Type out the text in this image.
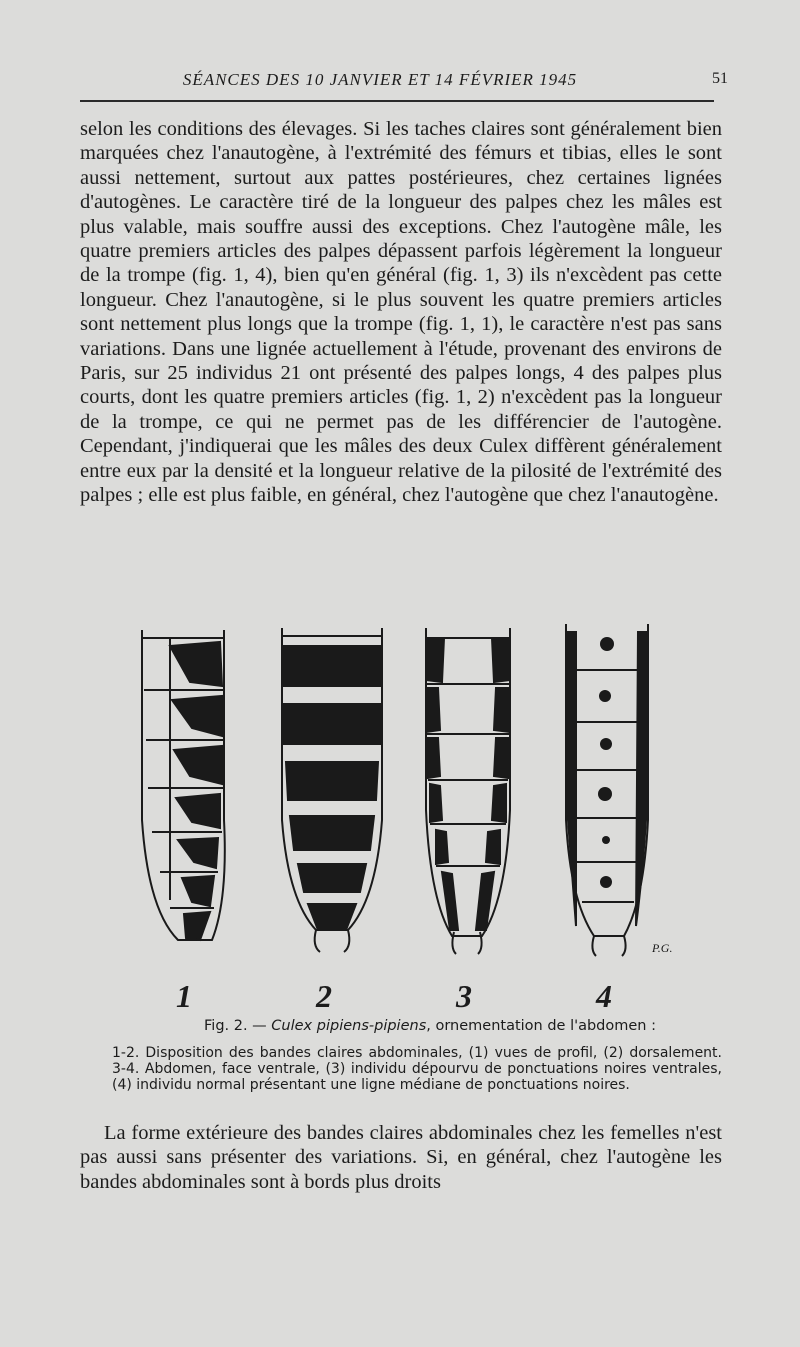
SÉANCES DES 10 JANVIER ET 14 FÉVRIER 1945	51

selon les conditions des élevages. Si les taches claires sont généralement bien marquées chez l'anautogène, à l'extrémité des fémurs et tibias, elles le sont aussi nettement, surtout aux pattes postérieures, chez certaines lignées d'autogènes. Le caractère tiré de la longueur des palpes chez les mâles est plus valable, mais souffre aussi des exceptions. Chez l'autogène mâle, les quatre premiers articles des palpes dépassent parfois légèrement la longueur de la trompe (fig. 1, 4), bien qu'en général (fig. 1, 3) ils n'excèdent pas cette longueur. Chez l'anautogène, si le plus souvent les quatre premiers articles sont nettement plus longs que la trompe (fig. 1, 1), le caractère n'est pas sans variations. Dans une lignée actuellement à l'étude, provenant des environs de Paris, sur 25 individus 21 ont présenté des palpes longs, 4 des palpes plus courts, dont les quatre premiers articles (fig. 1, 2) n'excèdent pas la longueur de la trompe, ce qui ne permet pas de les différencier de l'autogène. Cependant, j'indiquerai que les mâles des deux Culex diffèrent généralement entre eux par la densité et la longueur relative de la pilosité de l'extrémité des palpes ; elle est plus faible, en général, chez l'autogène que chez l'anautogène.

P.G.
1	2	3	4

Fig. 2. — Culex pipiens-pipiens, ornementation de l'abdomen :

1-2. Disposition des bandes claires abdominales, (1) vues de profil, (2) dorsalement. 3-4. Abdomen, face ventrale, (3) individu dépourvu de ponctuations noires ventrales, (4) individu normal présentant une ligne médiane de ponctuations noires.

La forme extérieure des bandes claires abdominales chez les femelles n'est pas aussi sans présenter des variations. Si, en général, chez l'autogène les bandes abdominales sont à bords plus droits
